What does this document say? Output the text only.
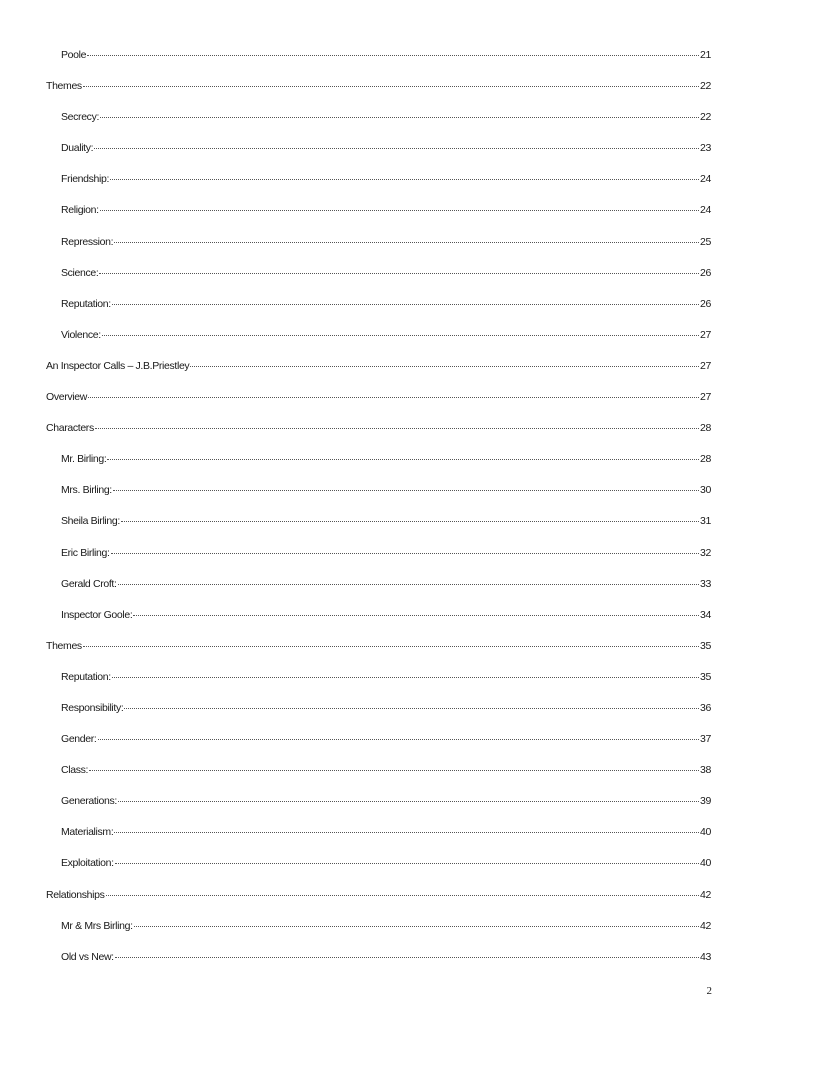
Poole	21
Themes	22
Secrecy:	22
Duality:	23
Friendship:	24
Religion:	24
Repression:	25
Science:	26
Reputation:	26
Violence:	27
An Inspector Calls – J.B.Priestley	27
Overview	27
Characters	28
Mr. Birling:	28
Mrs. Birling:	30
Sheila Birling:	31
Eric Birling:	32
Gerald Croft:	33
Inspector Goole:	34
Themes	35
Reputation:	35
Responsibility:	36
Gender:	37
Class:	38
Generations:	39
Materialism:	40
Exploitation:	40
Relationships	42
Mr & Mrs Birling:	42
Old vs New:	43
2
